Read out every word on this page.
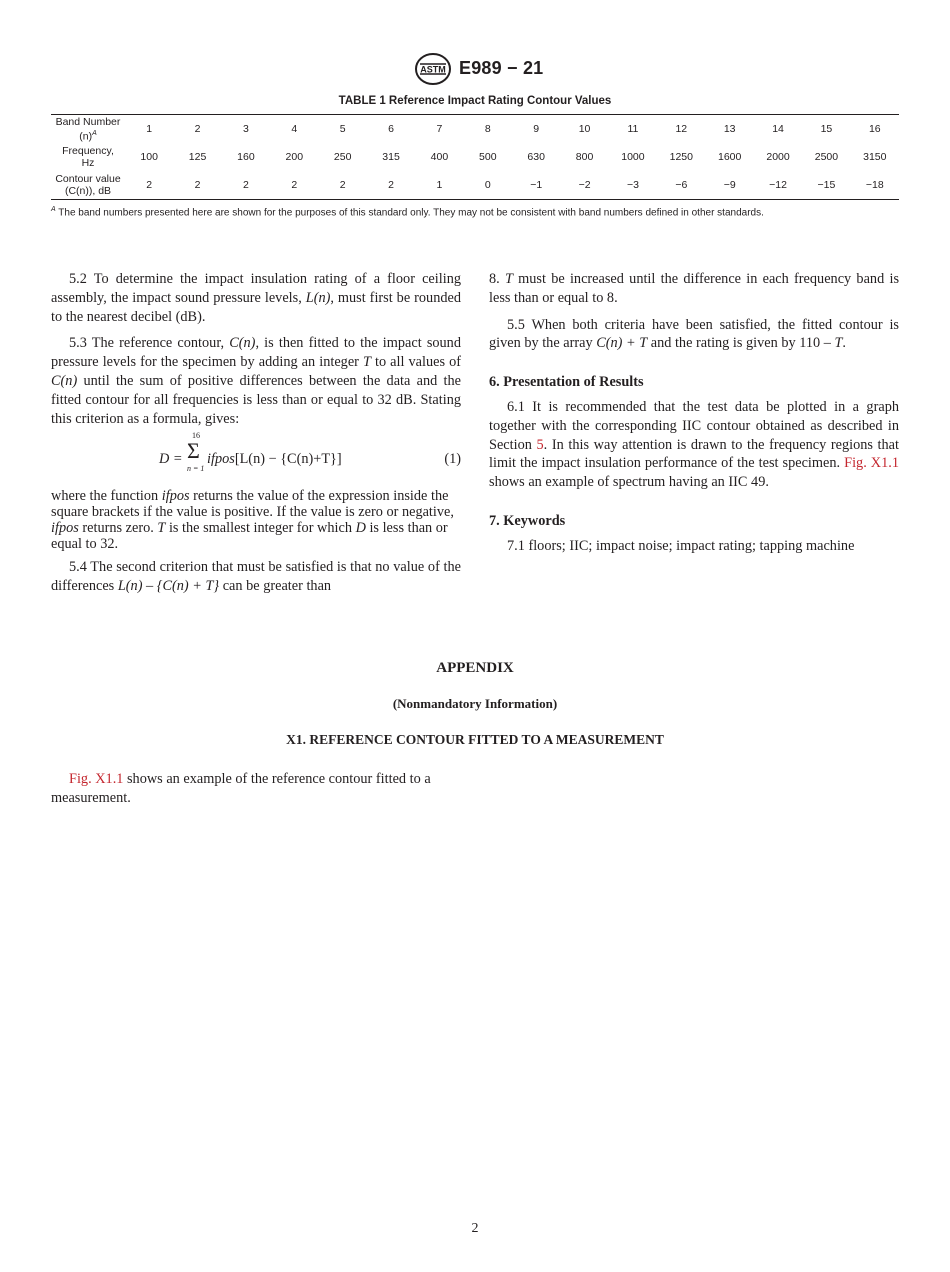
ASTM E989 − 21
TABLE 1 Reference Impact Rating Contour Values
Band Number
$(n)^A$	1	2	3	4	5	6	7	8	9	10	11	12	13	14	15	16
Frequency,
Hz	100	125	160	200	250	315	400	500	630	800	1000	1250	1600	2000	2500	3150
Contour value
(C(n)), dB	2	2	2	2	2	2	1	0	−1	−2	−3	−6	−9	−12	−15	−18
$^A$ The band numbers presented here are shown for the purposes of this standard only. They may not be consistent with band numbers defined in other standards.

5.2 To determine the impact insulation rating of a floor ceiling assembly, the impact sound pressure levels, L(n), must first be rounded to the nearest decibel (dB).

5.3 The reference contour, C(n), is then fitted to the impact sound pressure levels for the specimen by adding an integer T to all values of C(n) until the sum of positive differences between the data and the fitted contour for all frequencies is less than or equal to 32 dB. Stating this criterion as a formula, gives:

D =
16
Σ
n = 1
ifpos[L(n) − {C(n)+T}]	(1)

where the function ifpos returns the value of the expression inside the square brackets if the value is positive. If the value is zero or negative, ifpos returns zero. T is the smallest integer for which D is less than or equal to 32.

5.4 The second criterion that must be satisfied is that no value of the differences L(n) – {C(n) + T} can be greater than

8. T must be increased until the difference in each frequency band is less than or equal to 8.

5.5 When both criteria have been satisfied, the fitted contour is given by the array C(n) + T and the rating is given by 110 – T.

6. Presentation of Results

6.1 It is recommended that the test data be plotted in a graph together with the corresponding IIC contour obtained as described in Section 5. In this way attention is drawn to the frequency regions that limit the impact insulation performance of the test specimen. Fig. X1.1 shows an example of spectrum having an IIC 49.

7. Keywords

7.1 floors; IIC; impact noise; impact rating; tapping machine

APPENDIX
(Nonmandatory Information)
X1. REFERENCE CONTOUR FITTED TO A MEASUREMENT

Fig. X1.1 shows an example of the reference contour fitted to a measurement.

2
